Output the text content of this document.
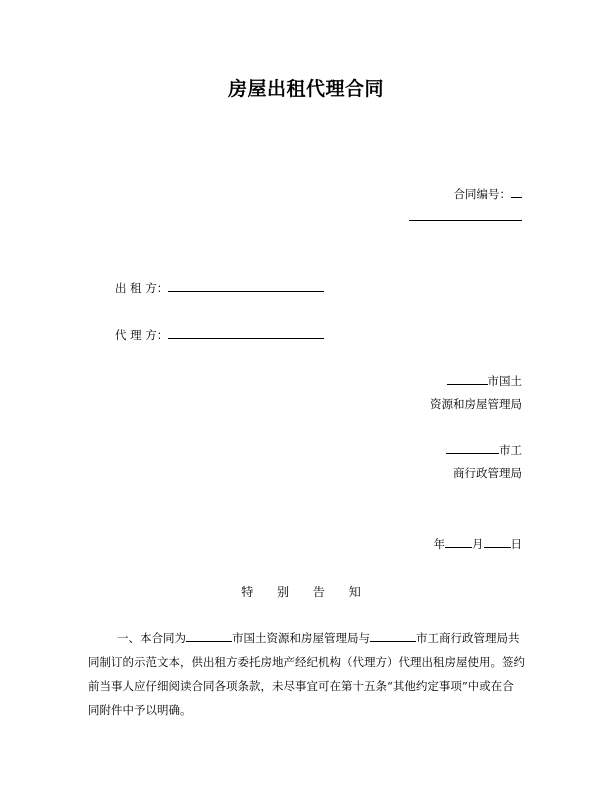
房屋出租代理合同
合同编号：
出 租 方：
代 理 方：
市国土
资源和房屋管理局
市工
商行政管理局
年 月 日
特 别 告 知
一、本合同为	市国土资源和房屋管理局与	市工商行政管理局共同制订的示范文本，供出租方委托房地产经纪机构（代理方）代理出租房屋使用。签约前当事人应仔细阅读合同各项条款，未尽事宜可在第十五条“其他约定事项”中或在合同附件中予以明确。
